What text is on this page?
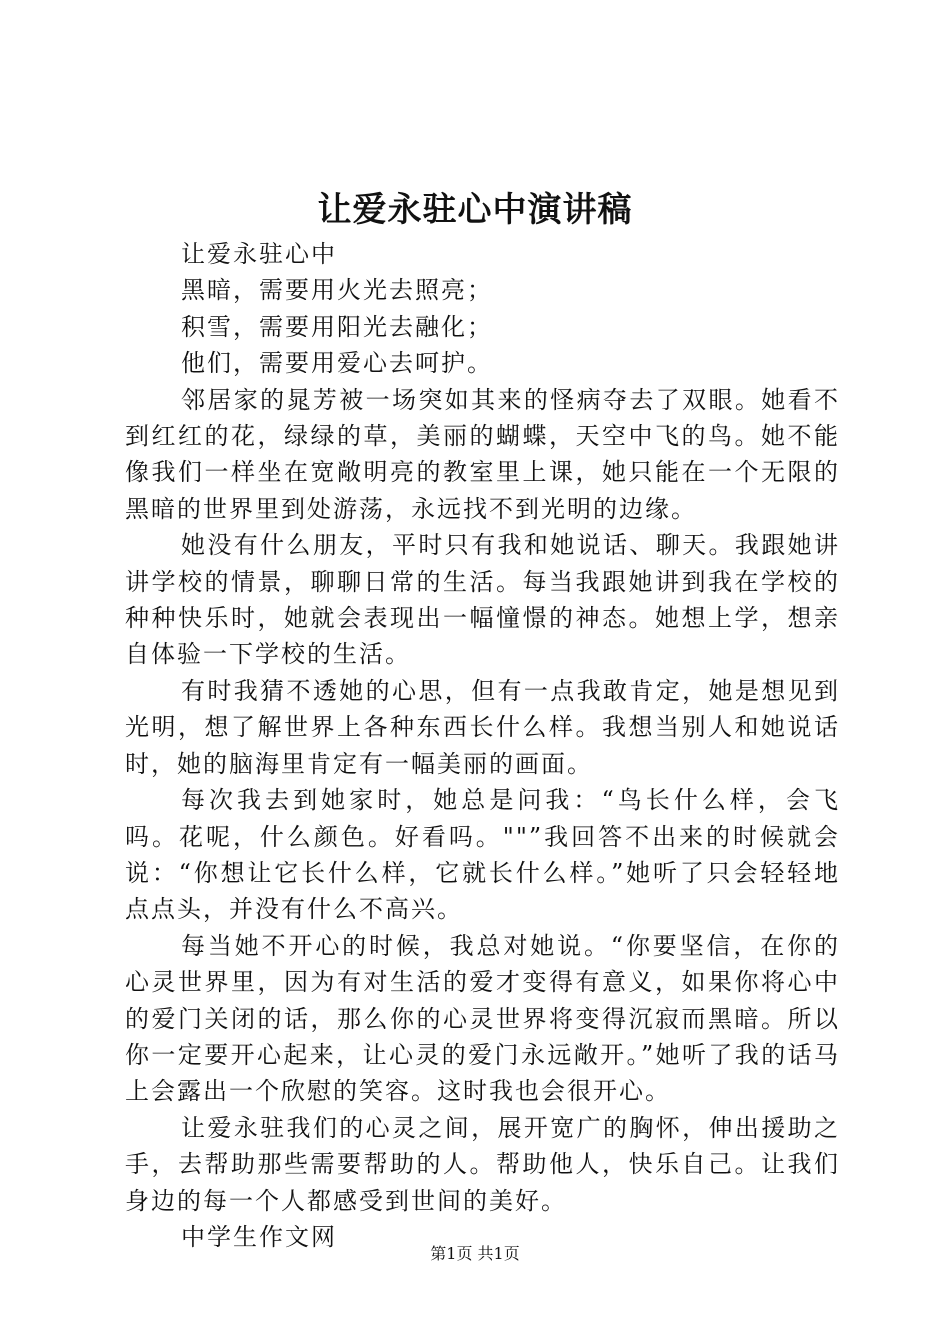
让爱永驻心中演讲稿

让爱永驻心中

黑暗，需要用火光去照亮；

积雪，需要用阳光去融化；

他们，需要用爱心去呵护。

邻居家的晁芳被一场突如其来的怪病夺去了双眼。她看不到红红的花，绿绿的草，美丽的蝴蝶，天空中飞的鸟。她不能像我们一样坐在宽敞明亮的教室里上课，她只能在一个无限的黑暗的世界里到处游荡，永远找不到光明的边缘。

她没有什么朋友，平时只有我和她说话、聊天。我跟她讲讲学校的情景，聊聊日常的生活。每当我跟她讲到我在学校的种种快乐时，她就会表现出一幅憧憬的神态。她想上学，想亲自体验一下学校的生活。

有时我猜不透她的心思，但有一点我敢肯定，她是想见到光明，想了解世界上各种东西长什么样。我想当别人和她说话时，她的脑海里肯定有一幅美丽的画面。

每次我去到她家时，她总是问我：“鸟长什么样，会飞吗。花呢，什么颜色。好看吗。""”我回答不出来的时候就会说：“你想让它长什么样，它就长什么样。”她听了只会轻轻地点点头，并没有什么不高兴。

每当她不开心的时候，我总对她说。“你要坚信，在你的心灵世界里，因为有对生活的爱才变得有意义，如果你将心中的爱门关闭的话，那么你的心灵世界将变得沉寂而黑暗。所以你一定要开心起来，让心灵的爱门永远敞开。”她听了我的话马上会露出一个欣慰的笑容。这时我也会很开心。

让爱永驻我们的心灵之间，展开宽广的胸怀，伸出援助之手，去帮助那些需要帮助的人。帮助他人，快乐自己。让我们身边的每一个人都感受到世间的美好。

中学生作文网

第1页 共1页
